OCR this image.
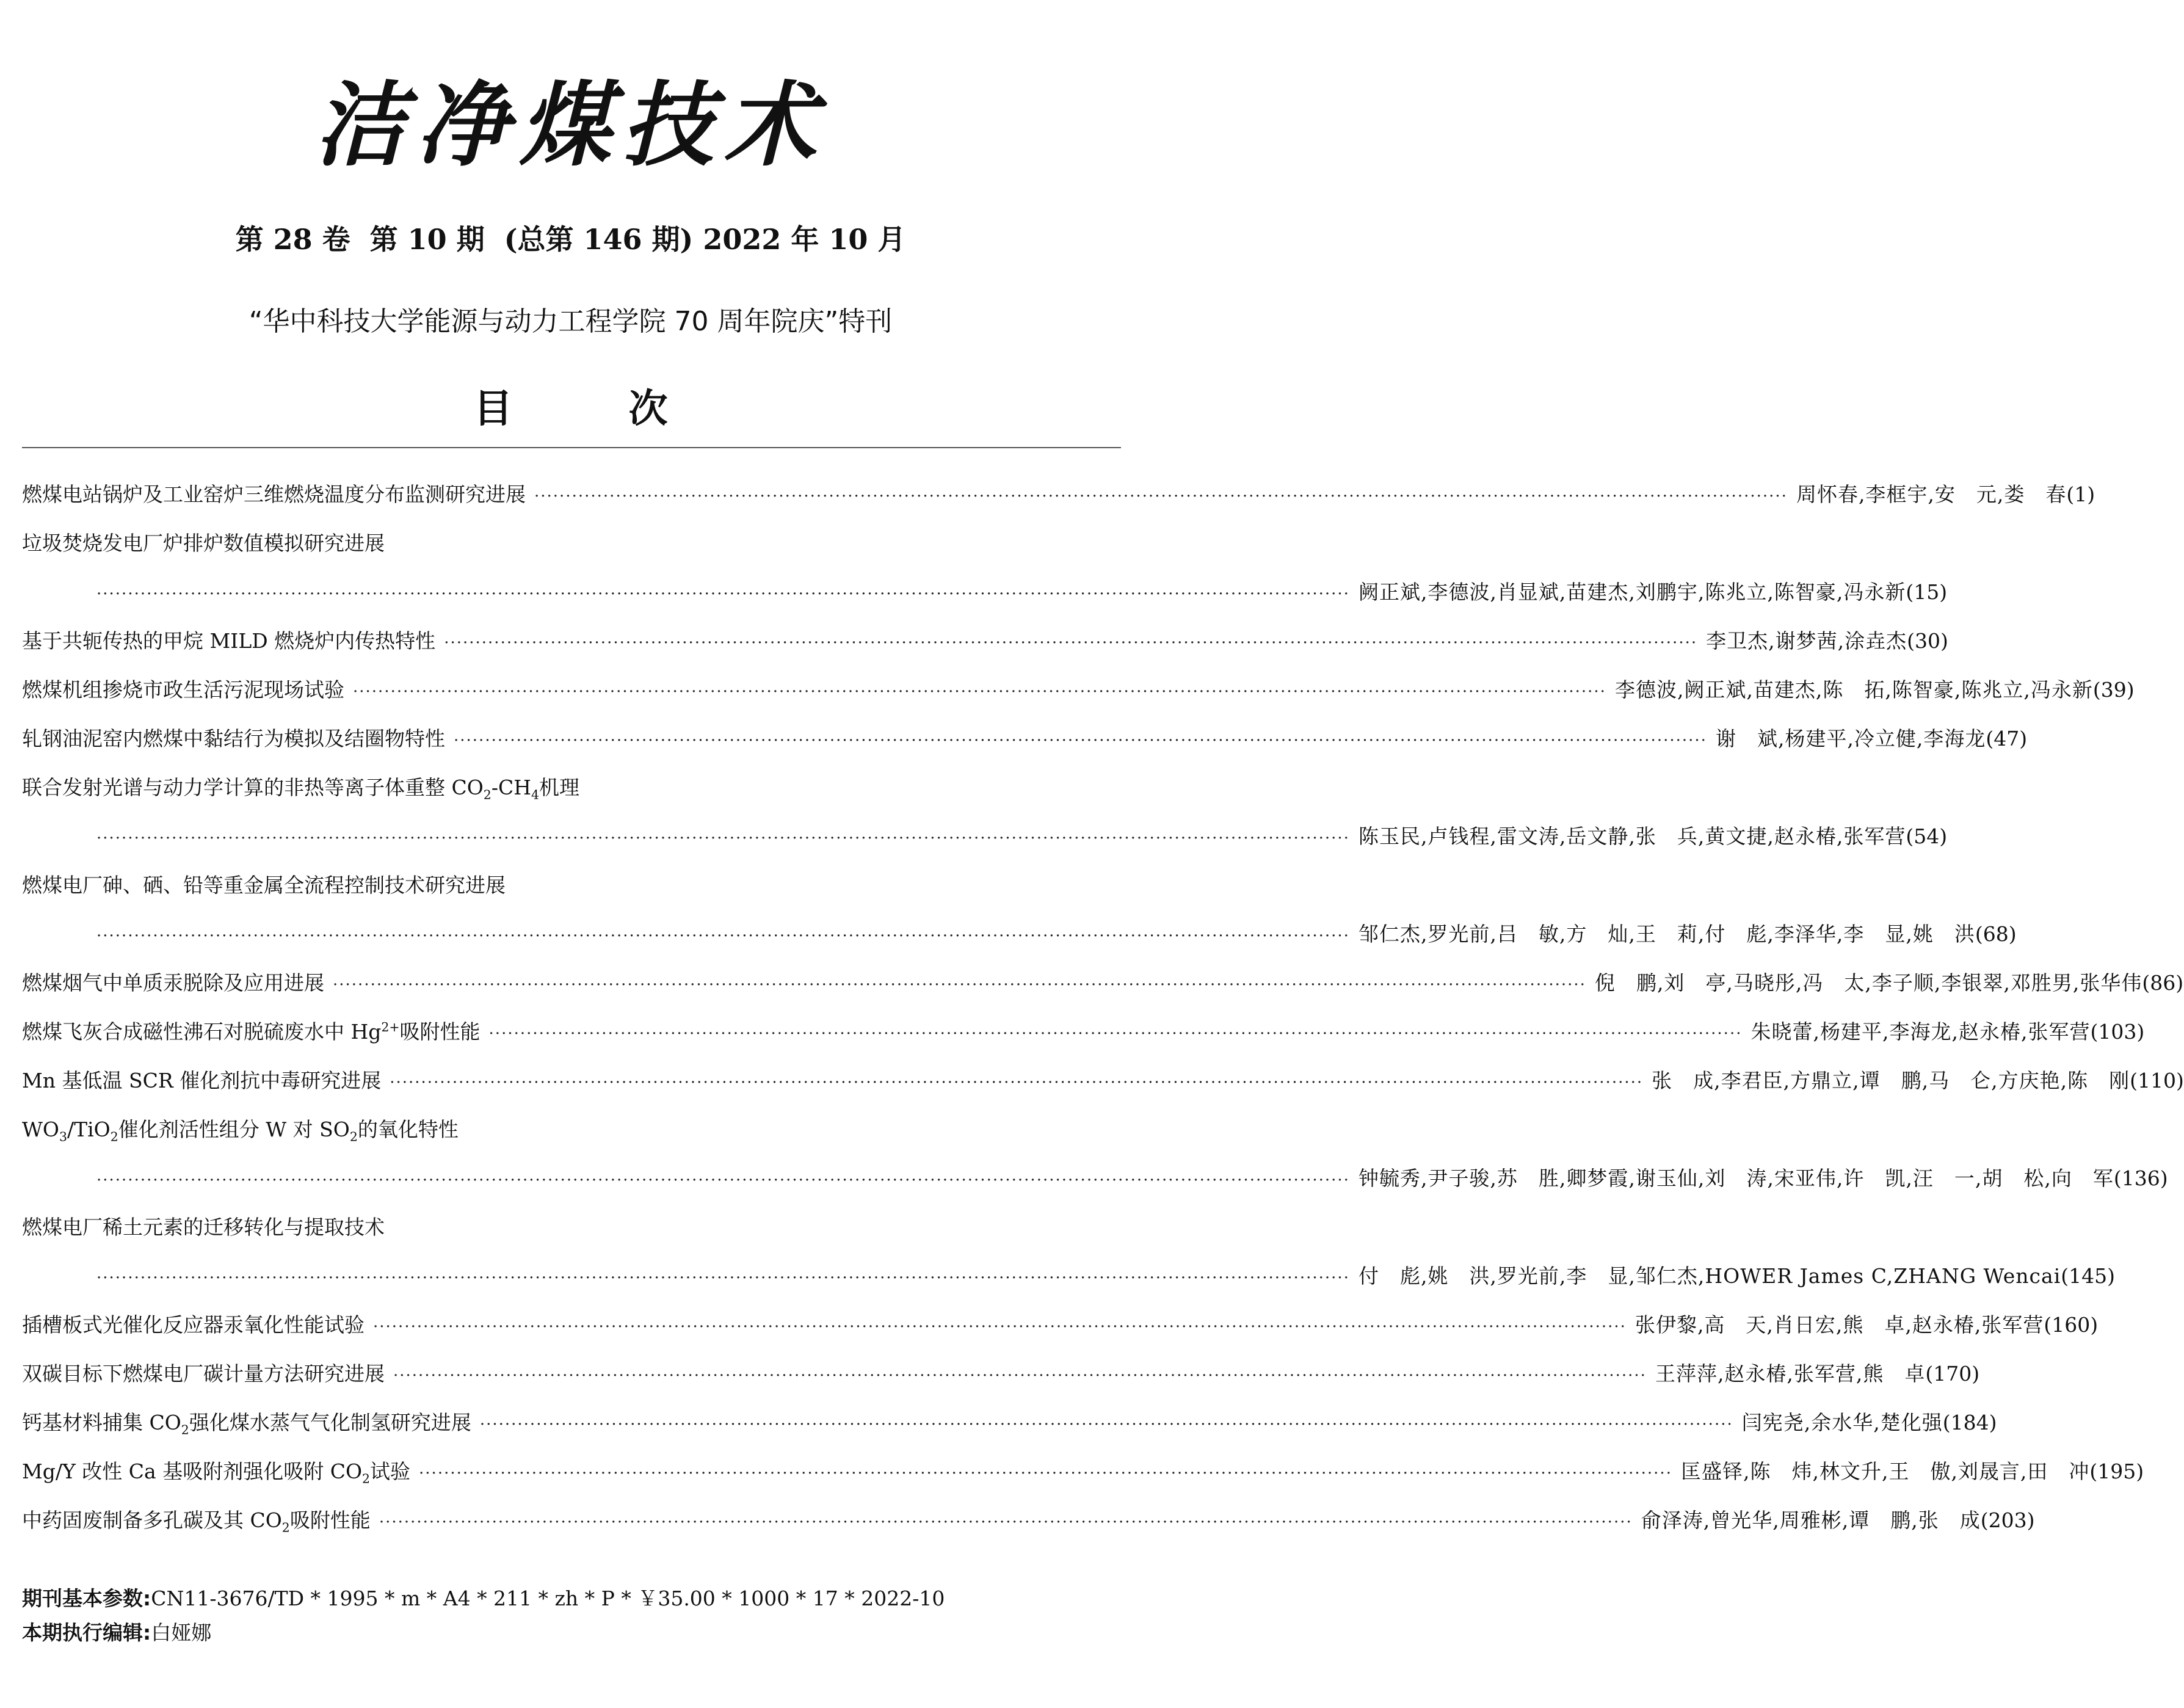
洁净煤技术
第 28 卷  第 10 期  (总第 146 期) 2022 年 10 月
“华中科技大学能源与动力工程学院 70 周年院庆”特刊
目次
燃煤电站锅炉及工业窑炉三维燃烧温度分布监测研究进展 ········································································································································································································ 周怀春,李框宇,安　元,娄　春 (1)
垃圾焚烧发电厂炉排炉数值模拟研究进展
········································································································································································································ 阙正斌,李德波,肖显斌,苗建杰,刘鹏宇,陈兆立,陈智豪,冯永新 (15)
基于共轭传热的甲烷 MILD 燃烧炉内传热特性 ········································································································································································································ 李卫杰,谢梦茜,涂垚杰 (30)
燃煤机组掺烧市政生活污泥现场试验 ········································································································································································································ 李德波,阙正斌,苗建杰,陈　拓,陈智豪,陈兆立,冯永新 (39)
轧钢油泥窑内燃煤中黏结行为模拟及结圈物特性 ········································································································································································································ 谢　斌,杨建平,冷立健,李海龙 (47)
联合发射光谱与动力学计算的非热等离子体重整 $CO_2-CH_4$机理
········································································································································································································ 陈玉民,卢钱程,雷文涛,岳文静,张　兵,黄文捷,赵永椿,张军营 (54)
燃煤电厂砷、硒、铅等重金属全流程控制技术研究进展
········································································································································································································ 邹仁杰,罗光前,吕　敏,方　灿,王　莉,付　彪,李泽华,李　显,姚　洪 (68)
燃煤烟气中单质汞脱除及应用进展 ········································································································································································································ 倪　鹏,刘　亭,马晓彤,冯　太,李子顺,李银翠,邓胜男,张华伟 (86)
燃煤飞灰合成磁性沸石对脱硫废水中 $Hg^{2+}$吸附性能 ········································································································································································································ 朱晓蕾,杨建平,李海龙,赵永椿,张军营 (103)
Mn 基低温 SCR 催化剂抗中毒研究进展 ········································································································································································································ 张　成,李君臣,方鼎立,谭　鹏,马　仑,方庆艳,陈　刚 (110)
$WO_3/TiO_2$催化剂活性组分 W 对 $SO_2$的氧化特性
········································································································································································································ 钟毓秀,尹子骏,苏　胜,卿梦霞,谢玉仙,刘　涛,宋亚伟,许　凯,汪　一,胡　松,向　军 (136)
燃煤电厂稀土元素的迁移转化与提取技术
········································································································································································································ 付　彪,姚　洪,罗光前,李　显,邹仁杰,HOWER James C,ZHANG Wencai (145)
插槽板式光催化反应器汞氧化性能试验 ········································································································································································································ 张伊黎,高　天,肖日宏,熊　卓,赵永椿,张军营 (160)
双碳目标下燃煤电厂碳计量方法研究进展 ········································································································································································································ 王萍萍,赵永椿,张军营,熊　卓 (170)
钙基材料捕集 $CO_2$强化煤水蒸气气化制氢研究进展 ········································································································································································································ 闫宪尧,余水华,楚化强 (184)
Mg/Y 改性 Ca 基吸附剂强化吸附 $CO_2$试验 ········································································································································································································ 匡盛铎,陈　炜,林文升,王　傲,刘晟言,田　冲 (195)
中药固废制备多孔碳及其 $CO_2$吸附性能 ········································································································································································································ 俞泽涛,曾光华,周雅彬,谭　鹏,张　成 (203)
期刊基本参数:CN11-3676/TD * 1995 * m * A4 * 211 * zh * P * ￥35.00 * 1000 * 17 * 2022-10
本期执行编辑:白娅娜
